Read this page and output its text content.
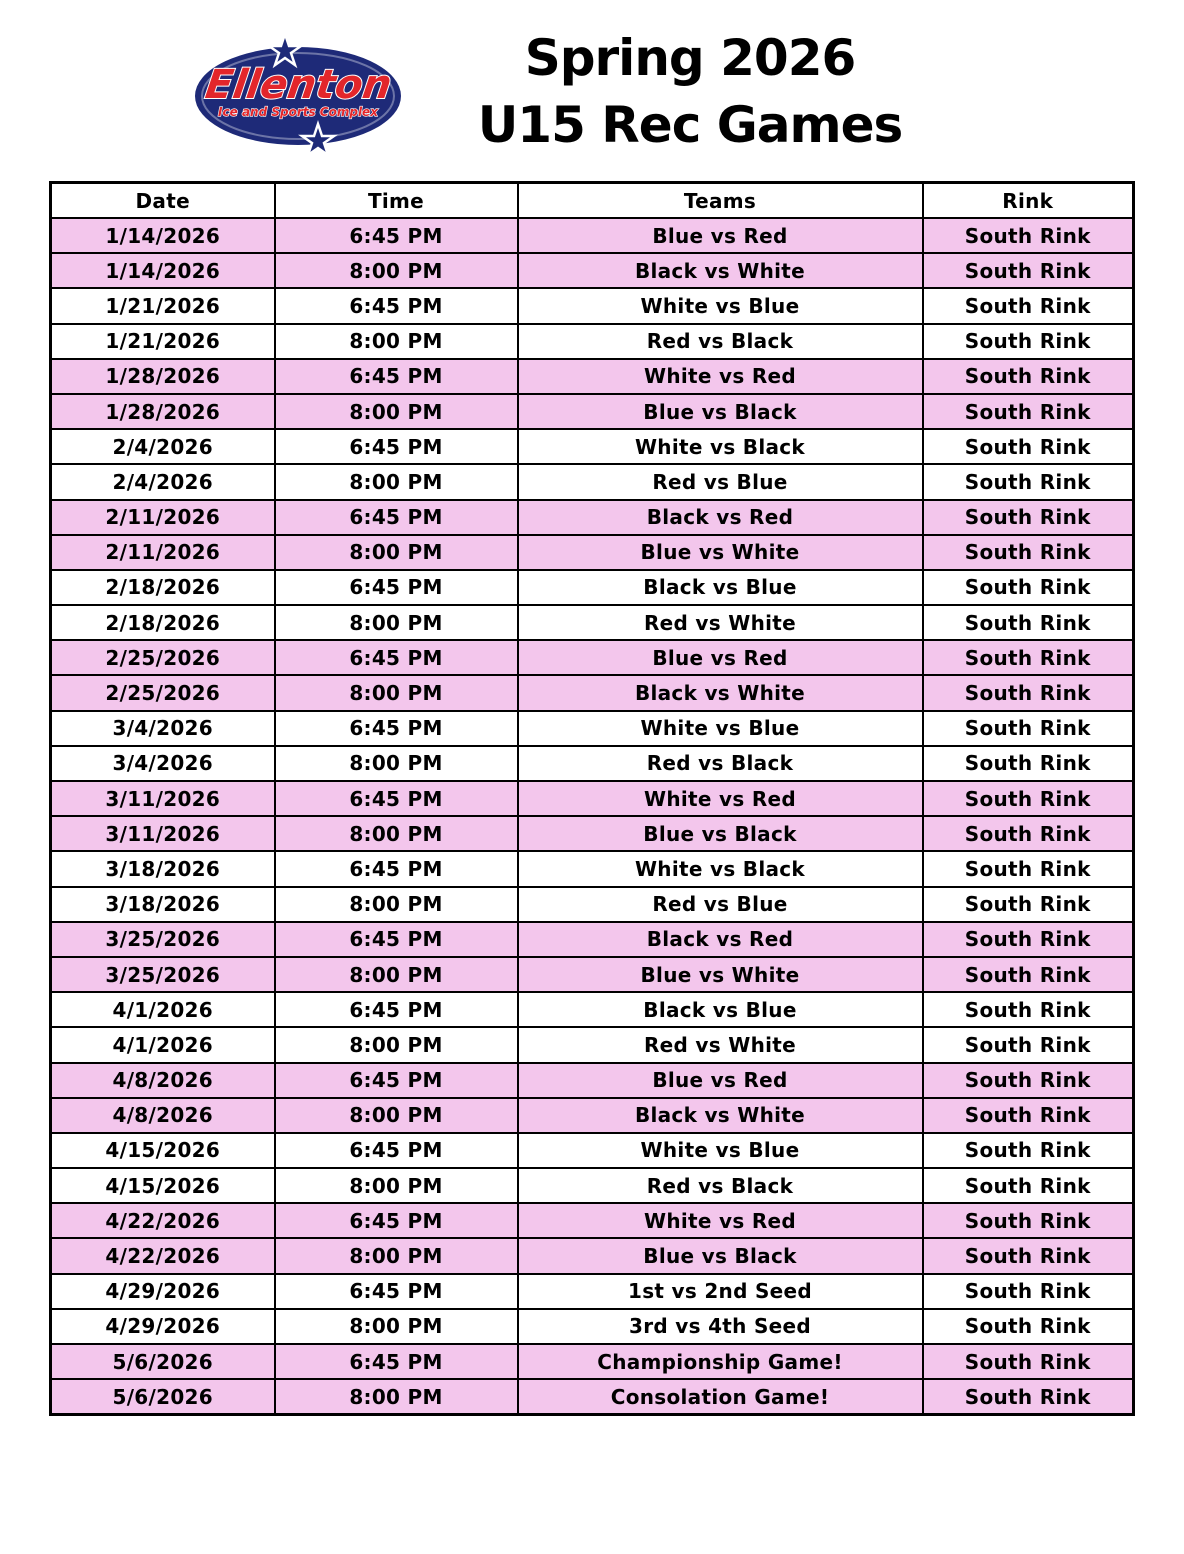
Ellenton
Ice and Sports Complex
Spring 2026
U15 Rec Games
Date	Time	Teams	Rink
1/14/2026	6:45 PM	Blue vs Red	South Rink
1/14/2026	8:00 PM	Black vs White	South Rink
1/21/2026	6:45 PM	White vs Blue	South Rink
1/21/2026	8:00 PM	Red vs Black	South Rink
1/28/2026	6:45 PM	White vs Red	South Rink
1/28/2026	8:00 PM	Blue vs Black	South Rink
2/4/2026	6:45 PM	White vs Black	South Rink
2/4/2026	8:00 PM	Red vs Blue	South Rink
2/11/2026	6:45 PM	Black vs Red	South Rink
2/11/2026	8:00 PM	Blue vs White	South Rink
2/18/2026	6:45 PM	Black vs Blue	South Rink
2/18/2026	8:00 PM	Red vs White	South Rink
2/25/2026	6:45 PM	Blue vs Red	South Rink
2/25/2026	8:00 PM	Black vs White	South Rink
3/4/2026	6:45 PM	White vs Blue	South Rink
3/4/2026	8:00 PM	Red vs Black	South Rink
3/11/2026	6:45 PM	White vs Red	South Rink
3/11/2026	8:00 PM	Blue vs Black	South Rink
3/18/2026	6:45 PM	White vs Black	South Rink
3/18/2026	8:00 PM	Red vs Blue	South Rink
3/25/2026	6:45 PM	Black vs Red	South Rink
3/25/2026	8:00 PM	Blue vs White	South Rink
4/1/2026	6:45 PM	Black vs Blue	South Rink
4/1/2026	8:00 PM	Red vs White	South Rink
4/8/2026	6:45 PM	Blue vs Red	South Rink
4/8/2026	8:00 PM	Black vs White	South Rink
4/15/2026	6:45 PM	White vs Blue	South Rink
4/15/2026	8:00 PM	Red vs Black	South Rink
4/22/2026	6:45 PM	White vs Red	South Rink
4/22/2026	8:00 PM	Blue vs Black	South Rink
4/29/2026	6:45 PM	1st vs 2nd Seed	South Rink
4/29/2026	8:00 PM	3rd vs 4th Seed	South Rink
5/6/2026	6:45 PM	Championship Game!	South Rink
5/6/2026	8:00 PM	Consolation Game!	South Rink
